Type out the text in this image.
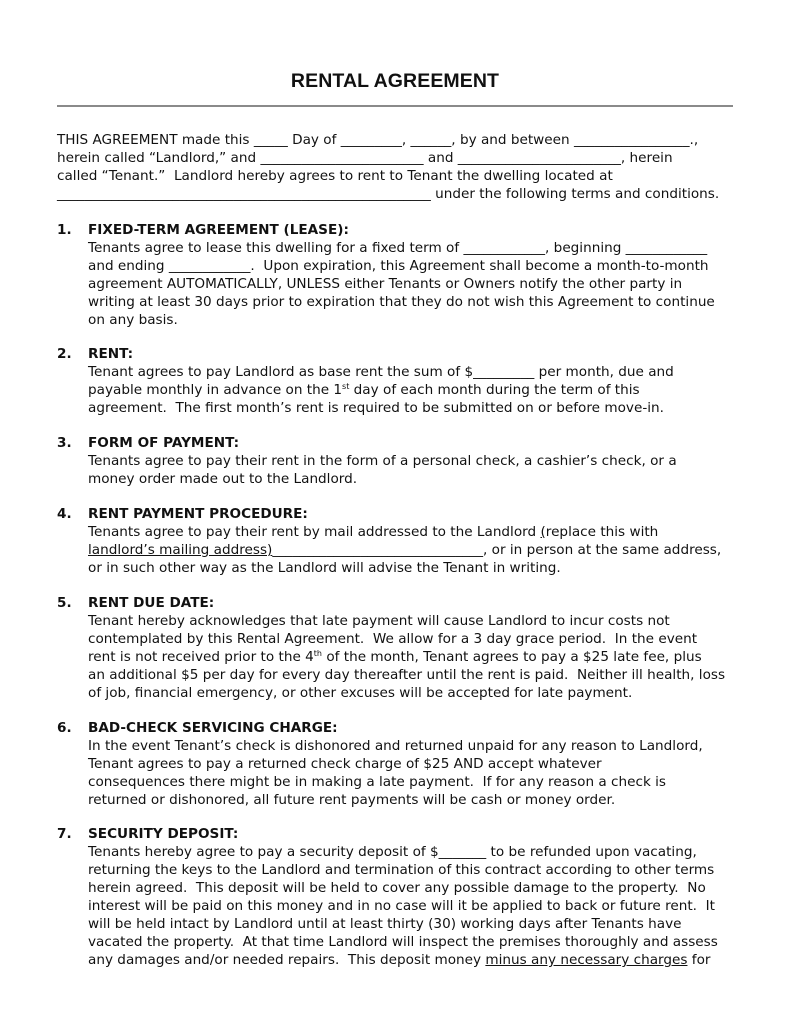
RENTAL AGREEMENT
THIS AGREEMENT made this _____ Day of _________, ______, by and between _________________.,
herein called “Landlord,” and ________________________ and ________________________, herein
called “Tenant.”  Landlord hereby agrees to rent to Tenant the dwelling located at
_______________________________________________________ under the following terms and conditions.
1. FIXED-TERM AGREEMENT (LEASE):
Tenants agree to lease this dwelling for a fixed term of ____________, beginning ____________
and ending ____________.  Upon expiration, this Agreement shall become a month-to-month
agreement AUTOMATICALLY, UNLESS either Tenants or Owners notify the other party in
writing at least 30 days prior to expiration that they do not wish this Agreement to continue
on any basis.
2. RENT:
Tenant agrees to pay Landlord as base rent the sum of $_________ per month, due and
payable monthly in advance on the 1st day of each month during the term of this
agreement.  The first month’s rent is required to be submitted on or before move-in.
3. FORM OF PAYMENT:
Tenants agree to pay their rent in the form of a personal check, a cashier’s check, or a
money order made out to the Landlord.
4. RENT PAYMENT PROCEDURE:
Tenants agree to pay their rent by mail addressed to the Landlord (replace this with
landlord’s mailing address)_______________________________, or in person at the same address,
or in such other way as the Landlord will advise the Tenant in writing.
5. RENT DUE DATE:
Tenant hereby acknowledges that late payment will cause Landlord to incur costs not
contemplated by this Rental Agreement.  We allow for a 3 day grace period.  In the event
rent is not received prior to the 4th of the month, Tenant agrees to pay a $25 late fee, plus
an additional $5 per day for every day thereafter until the rent is paid.  Neither ill health, loss
of job, financial emergency, or other excuses will be accepted for late payment.
6. BAD-CHECK SERVICING CHARGE:
In the event Tenant’s check is dishonored and returned unpaid for any reason to Landlord,
Tenant agrees to pay a returned check charge of $25 AND accept whatever
consequences there might be in making a late payment.  If for any reason a check is
returned or dishonored, all future rent payments will be cash or money order.
7. SECURITY DEPOSIT:
Tenants hereby agree to pay a security deposit of $_______ to be refunded upon vacating,
returning the keys to the Landlord and termination of this contract according to other terms
herein agreed.  This deposit will be held to cover any possible damage to the property.  No
interest will be paid on this money and in no case will it be applied to back or future rent.  It
will be held intact by Landlord until at least thirty (30) working days after Tenants have
vacated the property.  At that time Landlord will inspect the premises thoroughly and assess
any damages and/or needed repairs.  This deposit money minus any necessary charges for
